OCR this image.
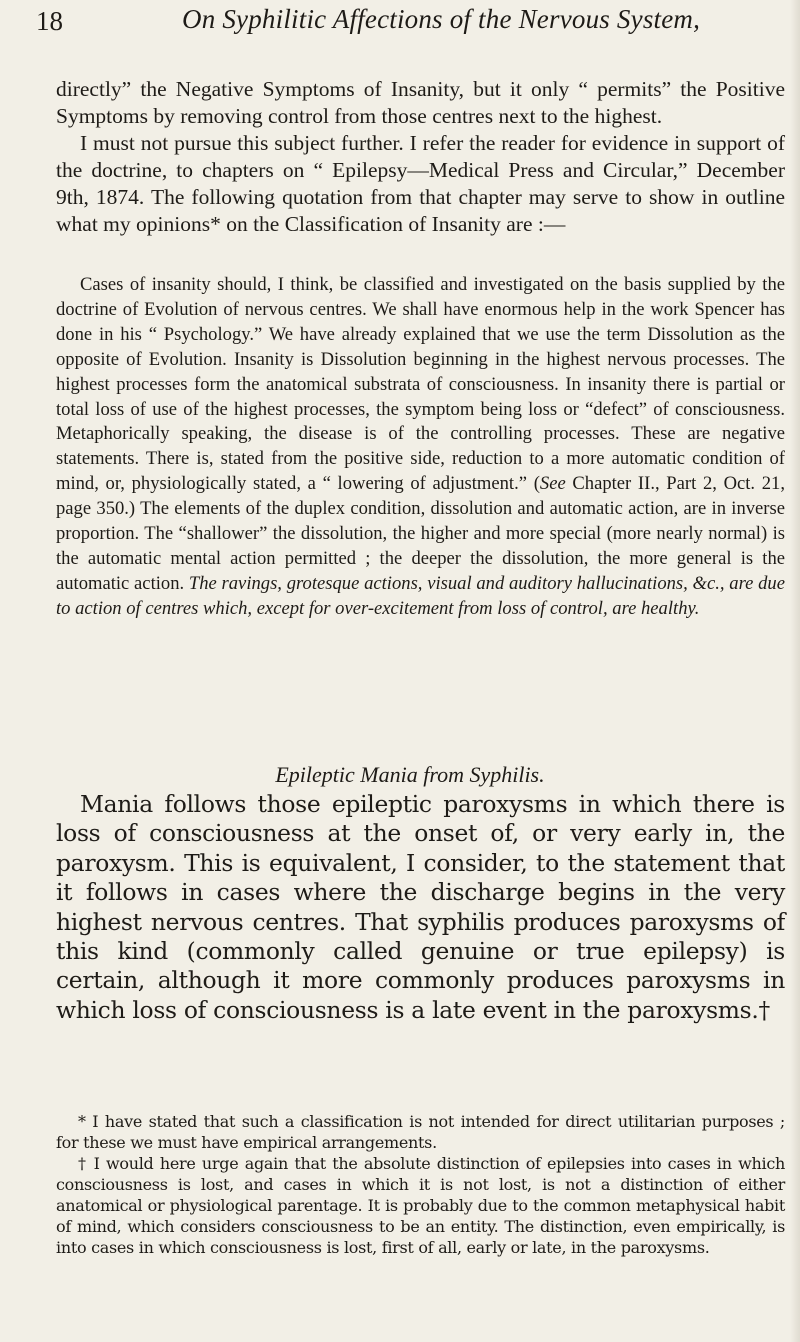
18	On Syphilitic Affections of the Nervous System,

directly” the Negative Symptoms of Insanity, but it only “ permits” the Positive Symptoms by removing control from those centres next to the highest.

I must not pursue this subject further. I refer the reader for evidence in support of the doctrine, to chapters on “ Epilepsy—Medical Press and Circular,” December 9th, 1874. The following quotation from that chapter may serve to show in outline what my opinions* on the Classification of Insanity are :—

Cases of insanity should, I think, be classified and investigated on the basis supplied by the doctrine of Evolution of nervous centres. We shall have enormous help in the work Spencer has done in his “ Psychology.” We have already explained that we use the term Dissolution as the opposite of Evolution. Insanity is Dissolution beginning in the highest nervous processes. The highest processes form the anatomical substrata of consciousness. In insanity there is partial or total loss of use of the highest processes, the symptom being loss or “defect” of consciousness. Metaphorically speaking, the disease is of the controlling processes. These are negative statements. There is, stated from the positive side, reduction to a more automatic condition of mind, or, physiologically stated, a “ lowering of adjustment.” (See Chapter II., Part 2, Oct. 21, page 350.) The elements of the duplex condition, dissolution and automatic action, are in inverse proportion. The “shallower” the dissolution, the higher and more special (more nearly normal) is the automatic mental action permitted ; the deeper the dissolution, the more general is the automatic action. The ravings, grotesque actions, visual and auditory hallucinations, &c., are due to action of centres which, except for over-excitement from loss of control, are healthy.
Epileptic Mania from Syphilis.
Mania follows those epileptic paroxysms in which there is loss of consciousness at the onset of, or very early in, the paroxysm. This is equivalent, I consider, to the statement that it follows in cases where the discharge begins in the very highest nervous centres. That syphilis produces paroxysms of this kind (commonly called genuine or true epilepsy) is certain, although it more commonly produces paroxysms in which loss of consciousness is a late event in the paroxysms.†

* I have stated that such a classification is not intended for direct utilitarian purposes ; for these we must have empirical arrangements.

† I would here urge again that the absolute distinction of epilepsies into cases in which consciousness is lost, and cases in which it is not lost, is not a distinction of either anatomical or physiological parentage. It is probably due to the common metaphysical habit of mind, which considers consciousness to be an entity. The distinction, even empirically, is into cases in which consciousness is lost, first of all, early or late, in the paroxysms.
